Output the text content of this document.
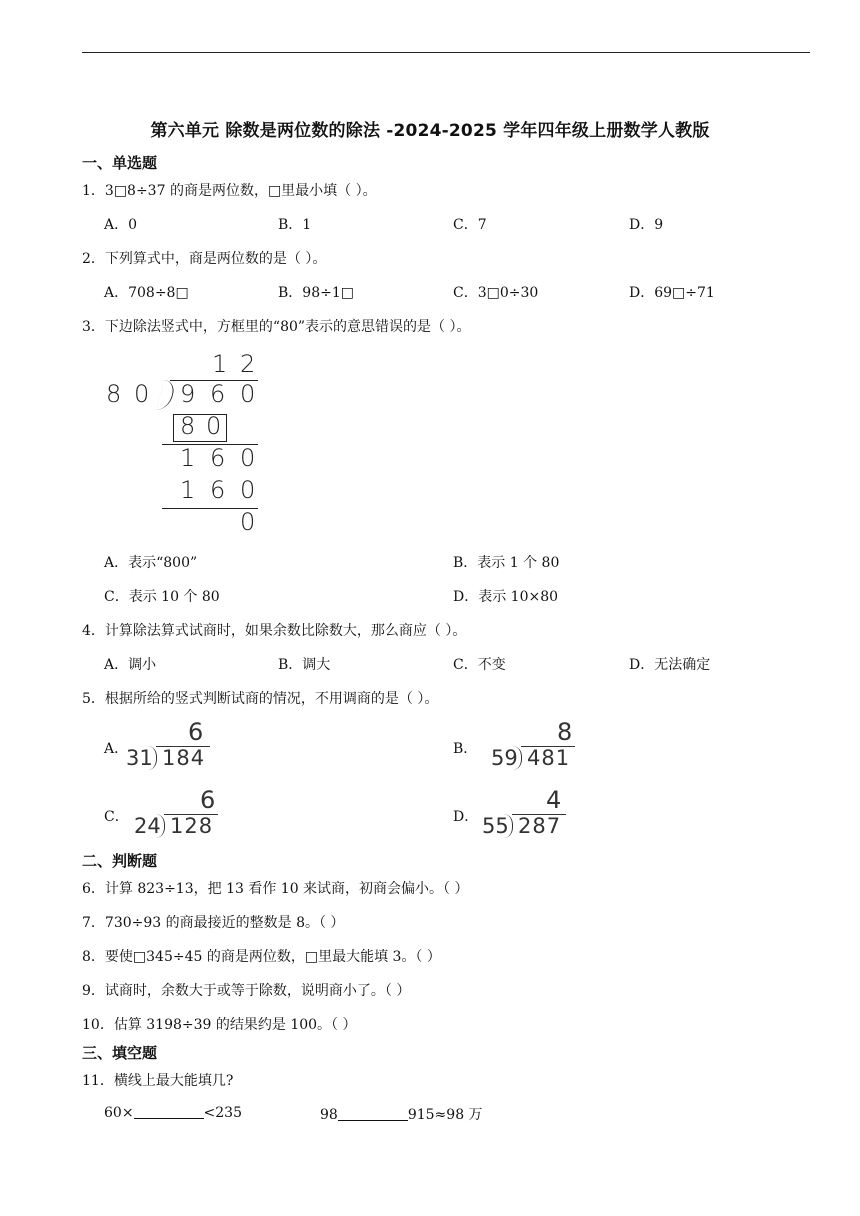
第六单元 除数是两位数的除法 -2024-2025 学年四年级上册数学人教版
一、单选题
1．3□8÷37 的商是两位数，□里最小填（ ）。
A．0	B．1	C．7	D．9
2．下列算式中，商是两位数的是（ ）。
A．708÷8□	B．98÷1□	C．3□0÷30	D．69□÷71
3．下边除法竖式中，方框里的“80”表示的意思错误的是（ ）。
1 2
8 0 9 6 0
8 0
1 6 0
1 6 0
0
A．表示“800”	B．表示 1 个 80
C．表示 10 个 80	D．表示 10×80
4．计算除法算式试商时，如果余数比除数大，那么商应（ ）。
A．调小	B．调大	C．不变	D．无法确定
5．根据所给的竖式判断试商的情况，不用调商的是（ ）。
A．
6
31 184	B．
8
59 481
C．
6
24 128	D．
4
55 287
二、判断题
6．计算 823÷13，把 13 看作 10 来试商，初商会偏小。（ ）
7．730÷93 的商最接近的整数是 8。（ ）
8．要使□345÷45 的商是两位数，□里最大能填 3。（ ）
9．试商时，余数大于或等于除数，说明商小了。（ ）
10．估算 3198÷39 的结果约是 100。（ ）
三、填空题
11．横线上最大能填几?
60×	<235	98	915≈98 万
